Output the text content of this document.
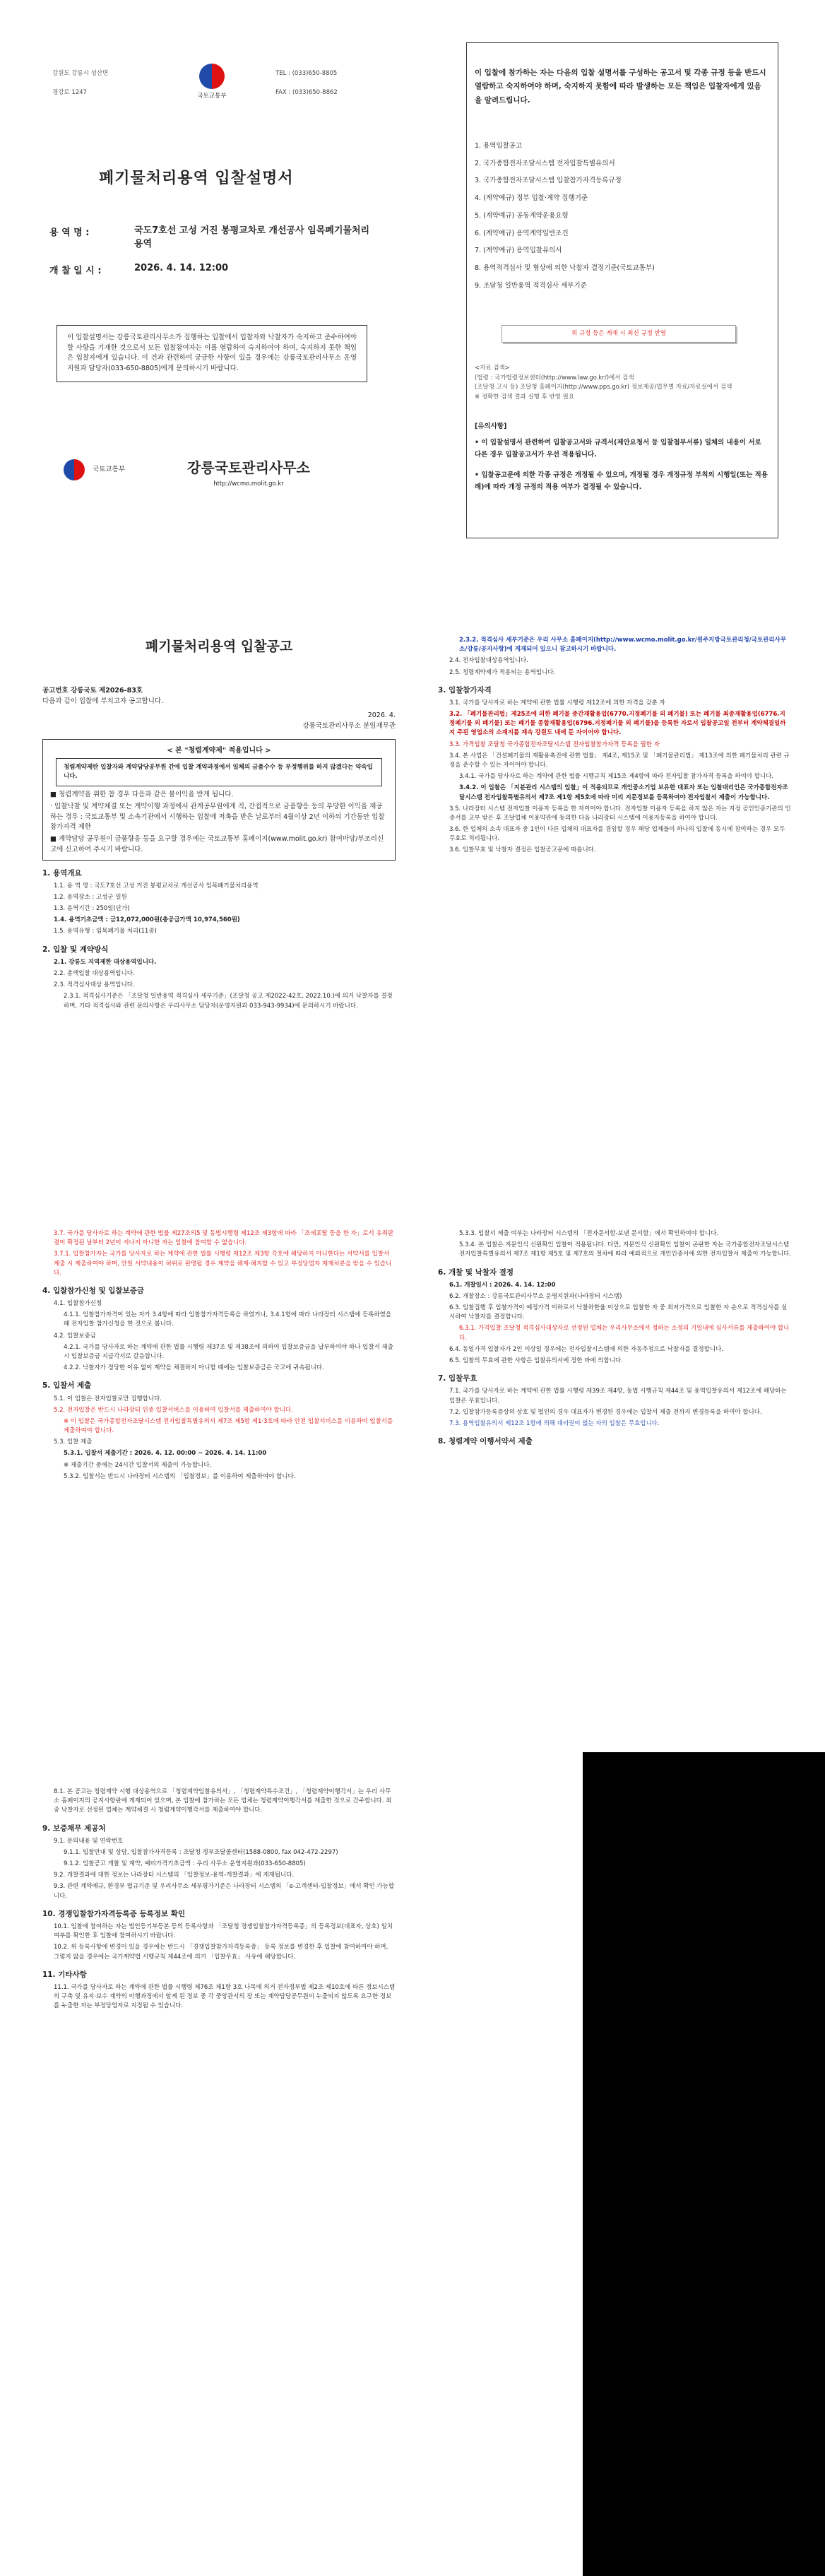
강원도 강릉시 성산면

경강로 1247	국토교통부

TEL : (033)650-8805

FAX : (033)650-8862

폐기물처리용역 입찰설명서
용 역 명 :	국도7호선 고성 거진 봉평교차로 개선공사 임목폐기물처리용역
개 찰 일 시 :	2026. 4. 14. 12:00

이 입찰설명서는 강릉국토관리사무소가 집행하는 입찰에서 입찰자와 낙찰자가 숙지하고 준수하여야 할 사항을 기재한 것으로서 모든 입찰참여자는 이를 열람하여 숙지하여야 하며, 숙지하지 못한 책임은 입찰자에게 있습니다. 이 건과 관련하여 궁금한 사항이 있을 경우에는 강릉국토관리사무소 운영지원과 담당자(033-650-8805)에게 문의하시기 바랍니다.

국토교통부	강릉국토관리사무소
http://wcmo.molit.go.kr

이 입찰에 참가하는 자는 다음의 입찰 설명서를 구성하는 공고서 및 각종 규정 등을 반드시 열람하고 숙지하여야 하며, 숙지하지 못함에 따라 발생하는 모든 책임은 입찰자에게 있음을 알려드립니다.

1. 용역입찰공고
2. 국가종합전자조달시스템 전자입찰특별유의서
3. 국가종합전자조달시스템 입찰참가자격등록규정
4. (계약예규) 정부 입찰·계약 집행기준
5. (계약예규) 공동계약운용요령
6. (계약예규) 용역계약일반조건
7. (계약예규) 용역입찰유의서
8. 용역적격심사 및 협상에 의한 낙찰자 결정기준(국토교통부)
9. 조달청 일반용역 적격심사 세부기준
위 규정 등은 게재 시 최신 규정 반영

<자료 검색>

(법령 : 국가법령정보센터(http://www.law.go.kr/)에서 검색

(조달청 고시 등) 조달청 홈페이지(http://www.pps.go.kr) 정보제공/업무별 자료/자료실에서 검색

※ 정확한 검색 결과 실행 후 반영 필요

[유의사항]

• 이 입찰설명서 관련하여 입찰공고서와 규격서(제안요청서 등 입찰첨부서류) 일체의 내용이 서로 다른 경우 입찰공고서가 우선 적용됩니다.

• 입찰공고문에 의한 각종 규정은 개정될 수 있으며, 개정될 경우 개정규정 부칙의 시행일(또는 적용례)에 따라 개정 규정의 적용 여부가 결정될 수 있습니다.

폐기물처리용역 입찰공고

공고번호 강릉국토 제2026-83호

다음과 같이 입찰에 부치고자 공고합니다.

2026. 4.

강릉국토관리사무소 분임재무관

< 본 "청렴계약제" 적용입니다 >

청렴계약제란 입찰자와 계약담당공무원 간에 입찰 계약과정에서 일체의 금품수수 등 부정행위를 하지 않겠다는 약속입니다.

■ 청렴계약을 위한 참 경우 다음과 같은 불이익을 받게 됩니다.

· 입찰낙찰 및 계약체결 또는 계약이행 과정에서 관계공무원에게 직, 간접적으로 금품향응 등의 부당한 이익을 제공하는 경우 : 국토교통부 및 소속기관에서 시행하는 입찰에 저촉을 받은 날로부터 4월이상 2년 이하의 기간동안 입찰참가자격 제한

■ 계약담당 공무원이 금품향응 등을 요구할 경우에는 국토교통부 홈페이지(www.molit.go.kr) 참여마당/부조리신고에 신고하여 주시기 바랍니다.

1. 용역개요

1.1. 용 역 명 : 국도7호선 고성 거진 봉평교차로 개선공사 임목폐기물처리용역

1.2. 용역장소 : 고성군 일원

1.3. 용역기간 : 250일(단가)

1.4. 용역기초금액 : 금12,072,000원(총공급가액 10,974,560원)

1.5. 용역유형 : 임목폐기물 처리(11종)

2. 입찰 및 계약방식

2.1. 강릉도 지역제한 대상용역입니다.

2.2. 총액입찰 대상용역입니다.

2.3. 적격심사대상 용역입니다.

2.3.1. 적격심사기준은 「조달청 일반용역 적격심사 세부기준」(조달청 공고 제2022-42호, 2022.10.)에 의거 낙찰자를 결정하며, 기타 적격심사와 관련 문의사항은 우리사무소 담당자(운영지원과 033-943-9934)에 문의하시기 바랍니다.

2.3.2. 적격심사 세부기준은 우리 사무소 홈페이지(http://www.wcmo.molit.go.kr/원주지방국토관리청/국토관리사무소/강릉/공지사항)에 게재되어 있으니 참고하시기 바랍니다.

2.4. 전자입찰대상용역입니다.

2.5. 청렴계약제가 적용되는 용역입니다.

3. 입찰참가자격

3.1. 국가를 당사자로 하는 계약에 관한 법률 시행령 제12조에 의한 자격을 갖춘 자

3.2. 「폐기물관리법」제25조에 의한 폐기물 중간재활용업(6770.지정폐기물 외 폐기물) 또는 폐기물 최종재활용업(6776.지정폐기물 외 폐기물) 또는 폐기물 종합재활용업(6796.지정폐기물 외 폐기물)을 등록한 자로서 입찰공고일 전부터 계약체결일까지 주된 영업소의 소재지를 계속 강원도 내에 둔 자이어야 합니다.

3.3. 가격입찰 조달청 국가종합전자조달시스템 전자입찰참가자격 등록을 필한 자

3.4. 본 사업은 「건설폐기물의 재활용촉진에 관한 법률」 제4조, 제15조 및 「폐기물관리법」 제13조에 의한 폐기물처리 관련 규정을 준수할 수 있는 자이어야 합니다.

3.4.1. 국가를 당사자로 하는 계약에 관한 법률 시행규칙 제15조 제4항에 따라 전자입찰 참가자격 등록을 하여야 합니다.

3.4.2. 이 입찰은 「지분관리 시스템의 입찰」이 적용되므로 개인중소기업 보유한 대표자 또는 입찰대리인은 국가종합전자조달시스템 전자입찰특별유의서 제7조 제1항 제5호에 따라 미리 지문정보를 등록하여야 전자입찰서 제출이 가능합니다.

3.5. 나라장터 시스템 전자입찰 이용자 등록을 한 자이어야 합니다. 전자입찰 이용자 등록을 하지 않은 자는 지정 공인인증기관의 인증서를 교부 받은 후 조달업체 이용약관에 동의한 다음 나라장터 시스템에 이용자등록을 하여야 합니다.

3.6. 한 업체의 소속 대표자 중 1인이 다른 업체의 대표자를 겸임할 경우 해당 업체들이 하나의 입찰에 동시에 참여하는 경우 모두 무효로 처리됩니다.

3.6. 입찰무효 및 낙찰자 결정은 입찰공고문에 따릅니다.

3.7. 국가를 당사자로 하는 계약에 관한 법률 제27조의5 및 동법시행령 제12조 제3항에 따라 「조세포탈 등을 한 자」로서 유죄판결이 확정된 날부터 2년이 지나지 아니한 자는 입찰에 참여할 수 없습니다.

3.7.1. 입찰참가자는 국가를 당사자로 하는 계약에 관한 법률 시행령 제12조 제3항 각호에 해당하지 아니한다는 서약서를 입찰서 제출 시 제출하여야 하며, 만일 서약내용이 허위로 판명될 경우 계약을 해제·해지할 수 있고 부정당업자 제재처분을 받을 수 있습니다.

4. 입찰참가신청 및 입찰보증금

4.1. 입찰참가신청

4.1.1. 입찰참가자격이 있는 자가 3.4항에 따라 입찰참가자격등록을 하였거나, 3.4.1항에 따라 나라장터 시스템에 등록하였을 때 전자입찰 참가신청을 한 것으로 봅니다.

4.2. 입찰보증금

4.2.1. 국가를 당사자로 하는 계약에 관한 법률 시행령 제37조 및 제38조에 의하여 입찰보증금을 납부하여야 하나 입찰서 제출 시 입찰보증금 지급각서로 갈음합니다.

4.2.2. 낙찰자가 정당한 이유 없이 계약을 체결하지 아니할 때에는 입찰보증금은 국고에 귀속됩니다.

5. 입찰서 제출

5.1. 이 입찰은 전자입찰로만 집행합니다.

5.2. 전자입찰은 반드시 나라장터 인증 입찰서버스를 이용하여 입찰서를 제출하여야 합니다.

※ 이 입찰은 국가종합전자조달시스템 전자입찰특별유의서 제7조 제5항 제1·3호에 따라 안전 입찰서비스를 이용하여 입찰서를 제출하여야 합니다.

5.3. 입찰 제출

5.3.1. 입찰서 제출기간 : 2026. 4. 12. 00:00 ~ 2026. 4. 14. 11:00

※ 제출기간 중에는 24시간 입찰서의 제출이 가능합니다.

5.3.2. 입찰서는 반드시 나라장터 시스템의 「입찰정보」를 이용하여 제출하여야 합니다.

5.3.3. 입찰서 제출 여부는 나라장터 시스템의 「전자문서함-보낸 문서함」에서 확인하여야 합니다.

5.3.4. 본 입찰은 지문인식 신원확인 입찰이 적용됩니다. 다만, 지문인식 신원확인 입찰이 곤란한 자는 국가종합전자조달시스템 전자입찰특별유의서 제7조 제1항 제5호 및 제7호의 절차에 따라 예외적으로 개인인증서에 의한 전자입찰서 제출이 가능합니다.

6. 개찰 및 낙찰자 결정

6.1. 개찰일시 : 2026. 4. 14. 12:00

6.2. 개찰장소 : 강릉국토관리사무소 운영지원과(나라장터 시스템)

6.3. 입찰집행 후 입찰가격이 예정가격 이하로서 낙찰하한율 이상으로 입찰한 자 중 최저가격으로 입찰한 자 순으로 적격심사를 실시하여 낙찰자를 결정합니다.

6.3.1. 가격입찰 조달청 적격심사대상자로 선정된 업체는 우리사무소에서 정하는 소정의 기일내에 심사서류를 제출하여야 합니다.

6.4. 동일가격 입찰자가 2인 이상일 경우에는 전자입찰시스템에 의한 자동추첨으로 낙찰자를 결정합니다.

6.5. 입찰의 무효에 관한 사항은 입찰유의서에 정한 바에 의합니다.

7. 입찰무효

7.1. 국가를 당사자로 하는 계약에 관한 법률 시행령 제39조 제4항, 동법 시행규칙 제44조 및 용역입찰유의서 제12조에 해당하는 입찰은 무효입니다.

7.2. 입찰참가등록증상의 상호 및 법인의 경우 대표자가 변경된 경우에는 입찰서 제출 전까지 변경등록을 하여야 합니다.

7.3. 용역입찰유의서 제12조 1항에 의해 대리권이 없는 자의 입찰은 무효입니다.

8. 청렴계약 이행서약서 제출

8.1. 본 공고는 청렴계약 시행 대상용역으로 「청렴계약입찰유의서」, 「청렴계약특수조건」, 「청렴계약이행각서」는 우리 사무소 홈페이지의 공지사항란에 게재되어 있으며, 본 입찰에 참가하는 모든 업체는 청렴계약이행각서를 제출한 것으로 간주합니다. 최종 낙찰자로 선정된 업체는 계약체결 시 청렴계약이행각서를 제출하여야 합니다.

9. 보증채무 제공처

9.1. 문의내용 및 연락번호

9.1.1. 입찰안내 및 상담, 입찰참가자격등록 : 조달청 정부조달콜센터(1588-0800, fax 042-472-2297)

9.1.2. 입찰공고 개찰 및 계약, 예비가격기초금액 : 우리 사무소 운영지원과(033-650-8805)

9.2. 개찰결과에 대한 정보는 나라장터 시스템의 「입찰정보-용역-개찰결과」에 게재됩니다.

9.3. 관련 계약예규, 환경부 법규기준 및 우리사무소 세부평가기준은 나라장터 시스템의 「e-고객센터-입찰정보」에서 확인 가능합니다.

10. 경쟁입찰참가자격등록증 등록정보 확인

10.1. 입찰에 참여하는 자는 법인등기부등본 등의 등록사항과 「조달청 경쟁입찰참가자격등록증」의 등록정보(대표자, 상호) 일치여부를 확인한 후 입찰에 참여하시기 바랍니다.

10.2. 위 등록사항에 변경이 있을 경우에는 반드시 「경쟁입찰참가자격등록증」 등록 정보를 변경한 후 입찰에 참여하여야 하며, 그렇지 않을 경우에는 국가계약법 시행규칙 제44조에 의거 「입찰무효」 사유에 해당합니다.

11. 기타사항

11.1. 국가를 당사자로 하는 계약에 관한 법률 시행령 제76조 제1항 3호 나목에 의거 전자정부법 제2조 제10호에 따른 정보시스템의 구축 및 유지·보수 계약의 이행과정에서 알게 된 정보 중 각 중앙관서의 장 또는 계약담당공무원이 누출되지 않도록 요구한 정보를 누출한 자는 부정당업자로 지정될 수 있습니다.
